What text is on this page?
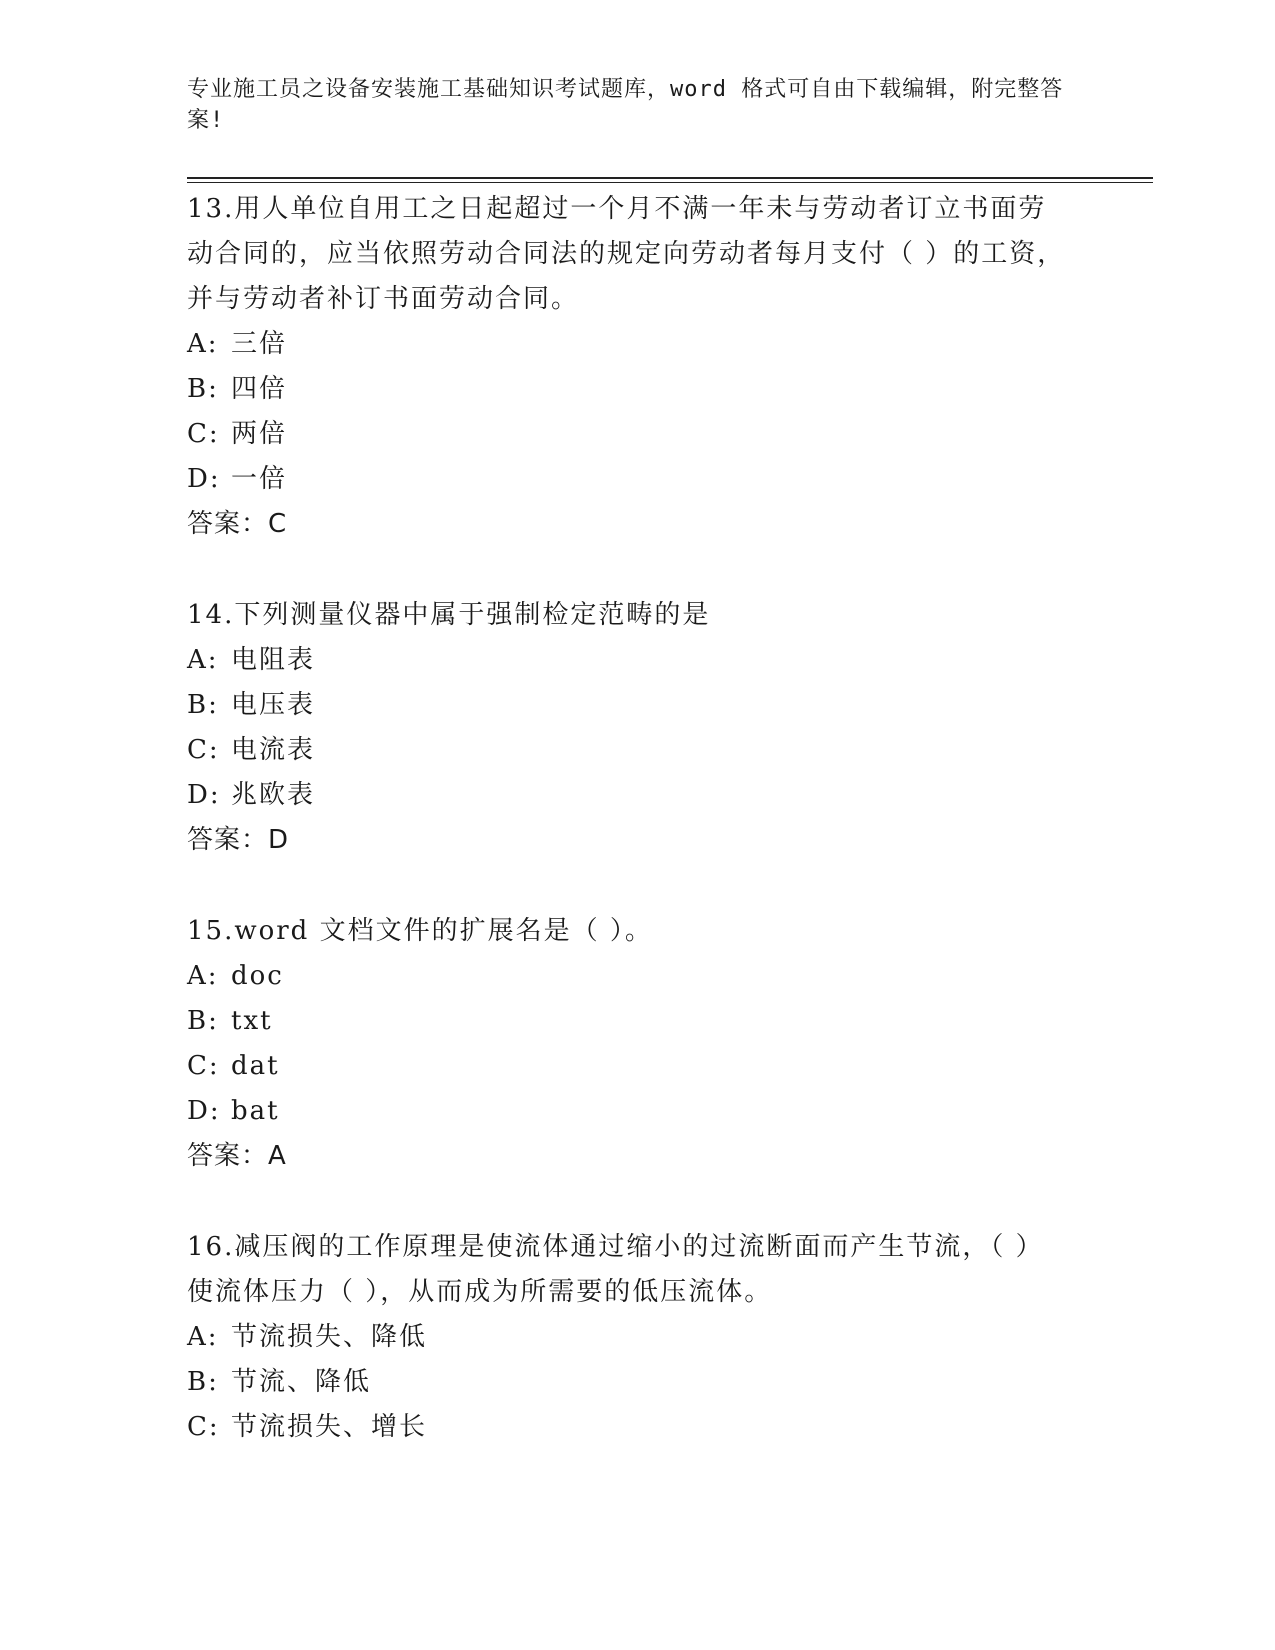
专业施工员之设备安装施工基础知识考试题库，word 格式可自由下载编辑，附完整答案!
13.用人单位自用工之日起超过一个月不满一年未与劳动者订立书面劳动合同的，应当依照劳动合同法的规定向劳动者每月支付（ ）的工资，并与劳动者补订书面劳动合同。
A: 三倍
B: 四倍
C: 两倍
D: 一倍
答案：C
14.下列测量仪器中属于强制检定范畴的是
A: 电阻表
B: 电压表
C: 电流表
D: 兆欧表
答案：D
15.word 文档文件的扩展名是（ ）。
A: doc
B: txt
C: dat
D: bat
答案：A
16.减压阀的工作原理是使流体通过缩小的过流断面而产生节流，（ ）使流体压力（ ），从而成为所需要的低压流体。
A: 节流损失、降低
B: 节流、降低
C: 节流损失、增长
